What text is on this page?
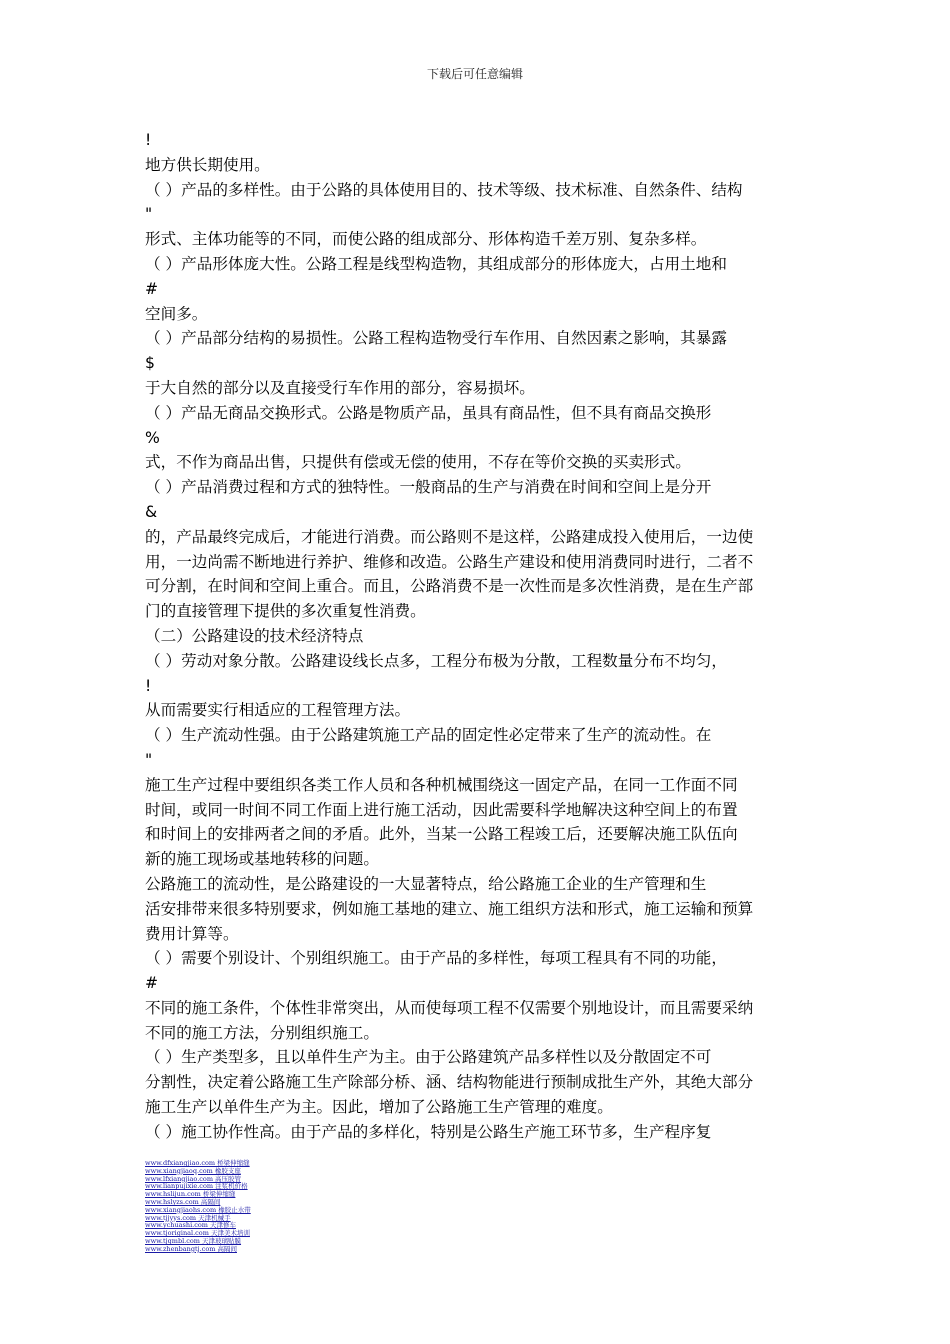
下载后可任意编辑
!
地方供长期使用。
（ ）产品的多样性。由于公路的具体使用目的、技术等级、技术标准、自然条件、结构
"
形式、主体功能等的不同，而使公路的组成部分、形体构造千差万别、复杂多样。
（ ）产品形体庞大性。公路工程是线型构造物，其组成部分的形体庞大，占用土地和
#
空间多。
（ ）产品部分结构的易损性。公路工程构造物受行车作用、自然因素之影响，其暴露
$
于大自然的部分以及直接受行车作用的部分，容易损坏。
（ ）产品无商品交换形式。公路是物质产品，虽具有商品性，但不具有商品交换形
%
式，不作为商品出售，只提供有偿或无偿的使用，不存在等价交换的买卖形式。
（ ）产品消费过程和方式的独特性。一般商品的生产与消费在时间和空间上是分开
&
的，产品最终完成后，才能进行消费。而公路则不是这样，公路建成投入使用后，一边使
用，一边尚需不断地进行养护、维修和改造。公路生产建设和使用消费同时进行，二者不
可分割，在时间和空间上重合。而且，公路消费不是一次性而是多次性消费，是在生产部
门的直接管理下提供的多次重复性消费。
（二）公路建设的技术经济特点
（ ）劳动对象分散。公路建设线长点多，工程分布极为分散，工程数量分布不均匀，
!
从而需要实行相适应的工程管理方法。
（ ）生产流动性强。由于公路建筑施工产品的固定性必定带来了生产的流动性。在
"
施工生产过程中要组织各类工作人员和各种机械围绕这一固定产品，在同一工作面不同
时间，或同一时间不同工作面上进行施工活动，因此需要科学地解决这种空间上的布置
和时间上的安排两者之间的矛盾。此外，当某一公路工程竣工后，还要解决施工队伍向
新的施工现场或基地转移的问题。
公路施工的流动性，是公路建设的一大显著特点，给公路施工企业的生产管理和生
活安排带来很多特别要求，例如施工基地的建立、施工组织方法和形式，施工运输和预算
费用计算等。
（ ）需要个别设计、个别组织施工。由于产品的多样性，每项工程具有不同的功能，
#
不同的施工条件，个体性非常突出，从而使每项工程不仅需要个别地设计，而且需要采纳
不同的施工方法，分别组织施工。
（ ）生产类型多，且以单件生产为主。由于公路建筑产品多样性以及分散固定不可
分割性，决定着公路施工生产除部分桥、涵、结构物能进行预制成批生产外，其绝大部分
施工生产以单件生产为主。因此，增加了公路施工生产管理的难度。
（ ）施工协作性高。由于产品的多样化，特别是公路生产施工环节多，生产程序复
www.dfxiangjiao.com 桥梁伸缩缝
www.xiangjiaoq.com 橡胶支座
www.lfxiangjiao.com 高压胶管
www.lianpujixie.com 注浆机价格
www.hslijun.com 桥梁伸缩缝
www.hslyzs.com 高隔间
www.xiangjiaohs.com 橡胶止水带
www.tjjyys.com 天津机械手
www.ychuashi.com 天津修车
www.tjoriginal.com 天津美术培训
www.tjqmbl.com 天津玻璃贴膜
www.zhenbangtj.com 高隔间
